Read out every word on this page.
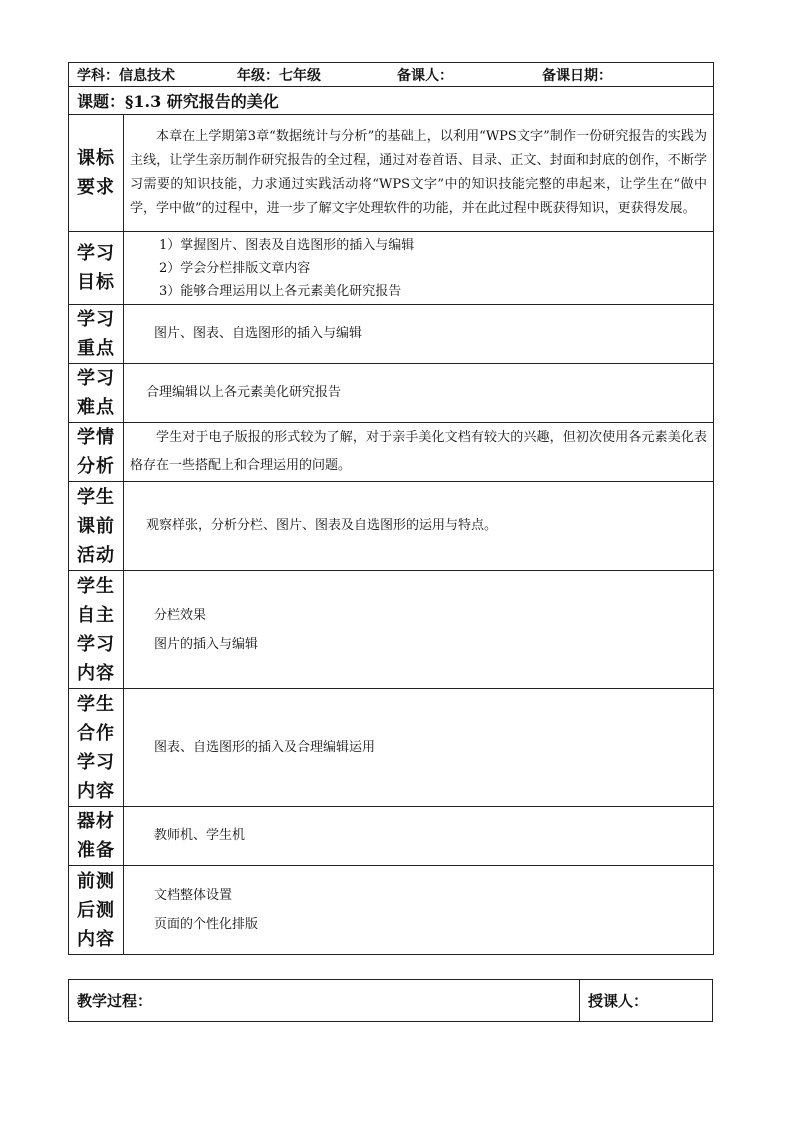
学科：信息技术 年级：七年级 备课人： 备课日期：	
课题：§1.3 研究报告的美化	

课标要求	本章在上学期第3章“数据统计与分析”的基础上，以利用“WPS文字”制作一份研究报告的实践为主线，让学生亲历制作研究报告的全过程，通过对卷首语、目录、正文、封面和封底的创作，不断学习需要的知识技能，力求通过实践活动将“WPS文字”中的知识技能完整的串起来，让学生在“做中学，学中做”的过程中，进一步了解文字处理软件的功能，并在此过程中既获得知识，更获得发展。

学习目标	1）掌握图片、图表及自选图形的插入与编辑
2）学会分栏排版文章内容
3）能够合理运用以上各元素美化研究报告

学习重点	图片、图表、自选图形的插入与编辑

学习难点	合理编辑以上各元素美化研究报告

学情分析	学生对于电子版报的形式较为了解，对于亲手美化文档有较大的兴趣，但初次使用各元素美化表格存在一些搭配上和合理运用的问题。

学生课前活动	观察样张，分析分栏、图片、图表及自选图形的运用与特点。

学生自主学习内容	分栏效果
图片的插入与编辑

学生合作学习内容	图表、自选图形的插入及合理编辑运用

器材准备	教师机、学生机

前测后测内容	文档整体设置
页面的个性化排版
教学过程：	授课人：
